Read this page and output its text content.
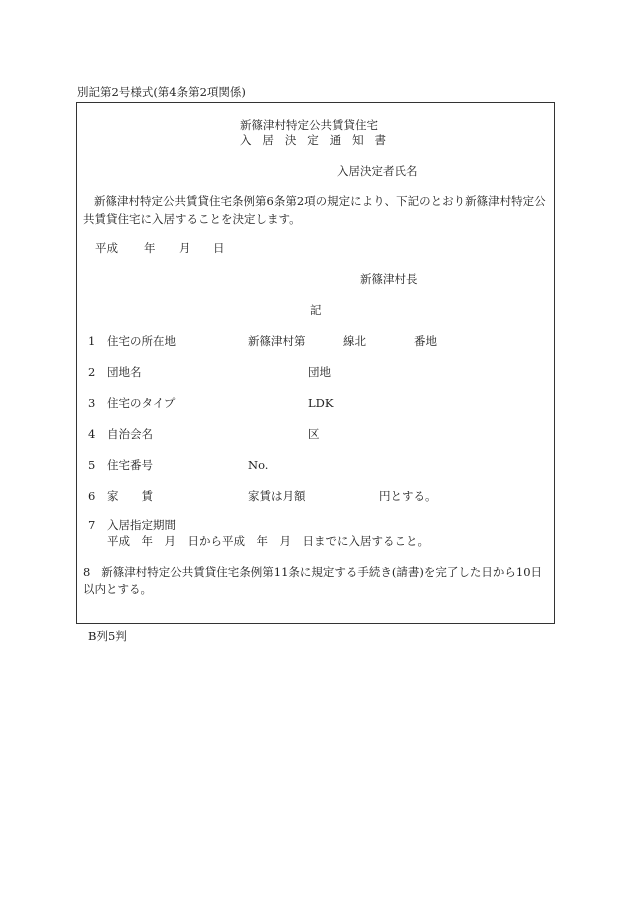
別記第2号様式(第4条第2項関係)
新篠津村特定公共賃貸住宅
入居決定通知書
入居決定者氏名
新篠津村特定公共賃貸住宅条例第6条第2項の規定により、下記のとおり新篠津村特定公共賃貸住宅に入居することを決定します。
平成 年 月 日
新篠津村長
記
1 住宅の所在地	新篠津村第	線北	番地
2 団地名	団地
3 住宅のタイプ	LDK
4 自治会名	区
5 住宅番号	No.
6 家　　賃	家賃は月額	円とする。
7 入居指定期間
平成　年　月　日から平成　年　月　日までに入居すること。
8 新篠津村特定公共賃貸住宅条例第11条に規定する手続き(請書)を完了した日から10日以内とする。
B列5判
